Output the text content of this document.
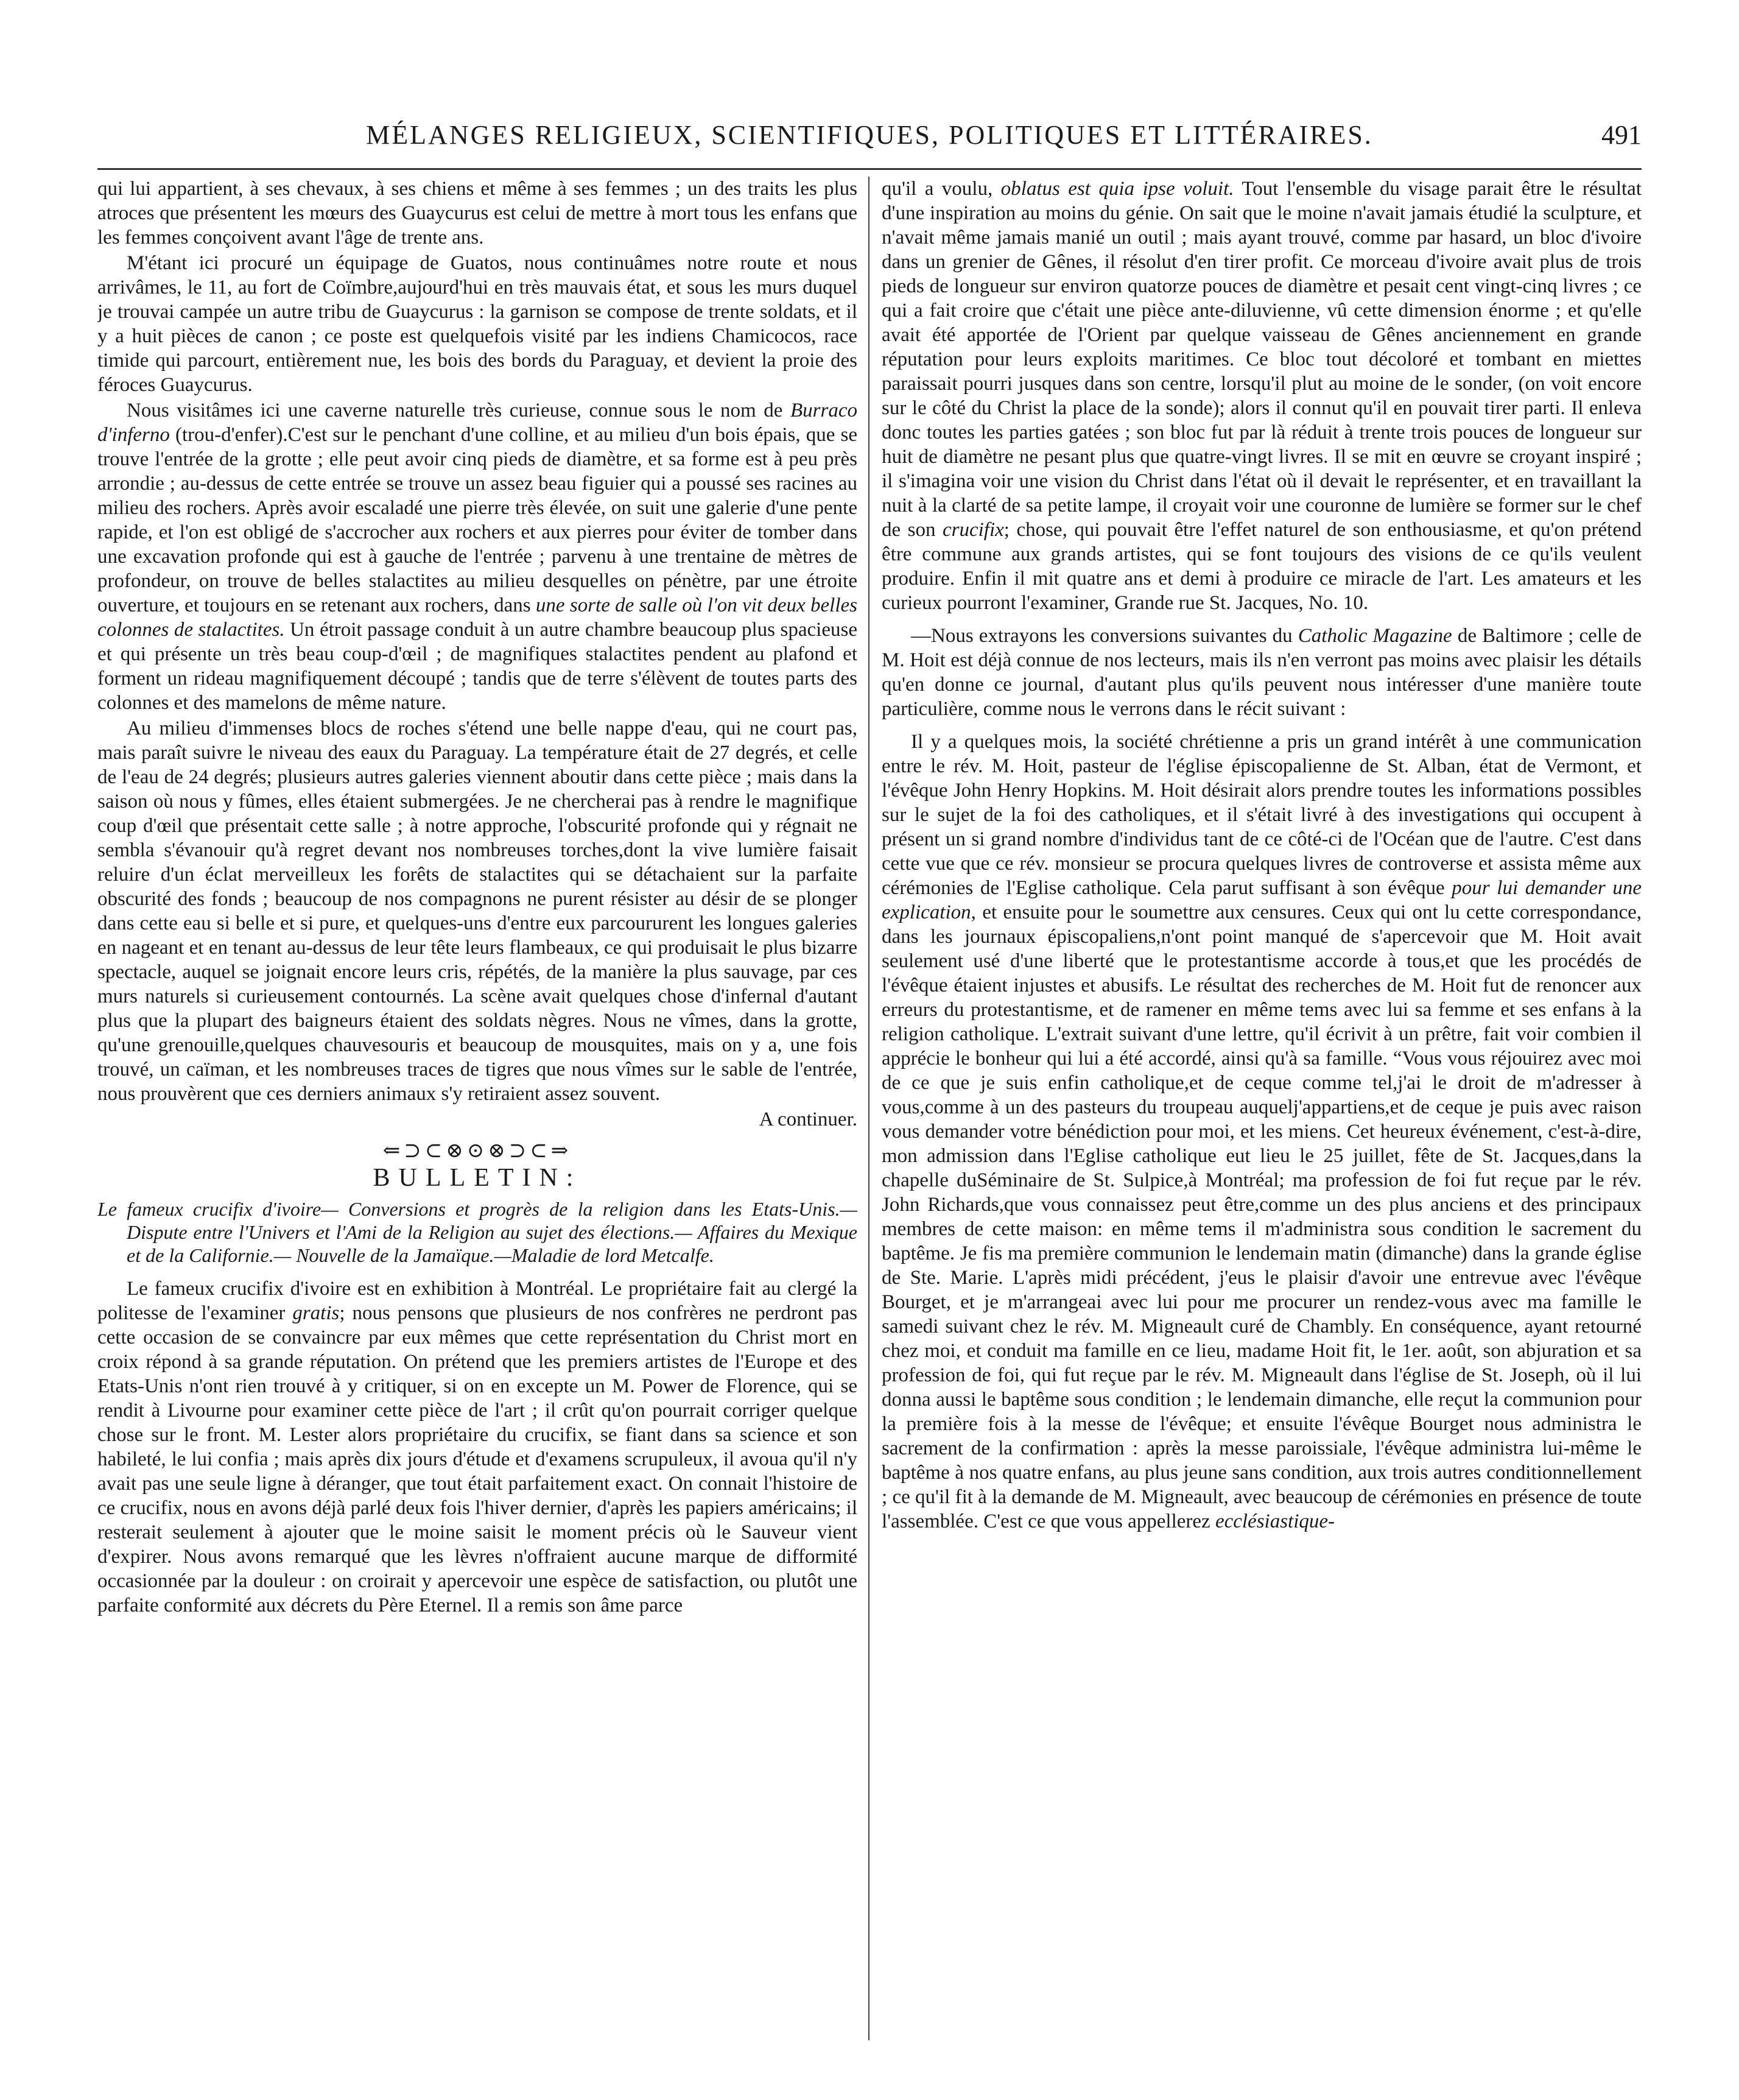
MÉLANGES RELIGIEUX, SCIENTIFIQUES, POLITIQUES ET LITTÉRAIRES.	491

qui lui appartient, à ses chevaux, à ses chiens et même à ses femmes ; un des traits les plus atroces que présentent les mœurs des Guaycurus est celui de mettre à mort tous les enfans que les femmes conçoivent avant l'âge de trente ans.

M'étant ici procuré un équipage de Guatos, nous continuâmes notre route et nous arrivâmes, le 11, au fort de Coïmbre,aujourd'hui en très mauvais état, et sous les murs duquel je trouvai campée un autre tribu de Guaycurus : la garnison se compose de trente soldats, et il y a huit pièces de canon ; ce poste est quelquefois visité par les indiens Chamicocos, race timide qui parcourt, entièrement nue, les bois des bords du Paraguay, et devient la proie des féroces Guaycurus.

Nous visitâmes ici une caverne naturelle très curieuse, connue sous le nom de Burraco d'inferno (trou-d'enfer).C'est sur le penchant d'une colline, et au milieu d'un bois épais, que se trouve l'entrée de la grotte ; elle peut avoir cinq pieds de diamètre, et sa forme est à peu près arrondie ; au-dessus de cette entrée se trouve un assez beau figuier qui a poussé ses racines au milieu des rochers. Après avoir escaladé une pierre très élevée, on suit une galerie d'une pente rapide, et l'on est obligé de s'accrocher aux rochers et aux pierres pour éviter de tomber dans une excavation profonde qui est à gauche de l'entrée ; parvenu à une trentaine de mètres de profondeur, on trouve de belles stalactites au milieu desquelles on pénètre, par une étroite ouverture, et toujours en se retenant aux rochers, dans une sorte de salle où l'on vit deux belles colonnes de stalactites. Un étroit passage conduit à un autre chambre beaucoup plus spacieuse et qui présente un très beau coup-d'œil ; de magnifiques stalactites pendent au plafond et forment un rideau magnifiquement découpé ; tandis que de terre s'élèvent de toutes parts des colonnes et des mamelons de même nature.

Au milieu d'immenses blocs de roches s'étend une belle nappe d'eau, qui ne court pas, mais paraît suivre le niveau des eaux du Paraguay. La température était de 27 degrés, et celle de l'eau de 24 degrés; plusieurs autres galeries viennent aboutir dans cette pièce ; mais dans la saison où nous y fûmes, elles étaient submergées. Je ne chercherai pas à rendre le magnifique coup d'œil que présentait cette salle ; à notre approche, l'obscurité profonde qui y régnait ne sembla s'évanouir qu'à regret devant nos nombreuses torches,dont la vive lumière faisait reluire d'un éclat merveilleux les forêts de stalactites qui se détachaient sur la parfaite obscurité des fonds ; beaucoup de nos compagnons ne purent résister au désir de se plonger dans cette eau si belle et si pure, et quelques-uns d'entre eux parcoururent les longues galeries en nageant et en tenant au-dessus de leur tête leurs flambeaux, ce qui produisait le plus bizarre spectacle, auquel se joignait encore leurs cris, répétés, de la manière la plus sauvage, par ces murs naturels si curieusement contournés. La scène avait quelques chose d'infernal d'autant plus que la plupart des baigneurs étaient des soldats nègres. Nous ne vîmes, dans la grotte, qu'une grenouille,quelques chauvesouris et beaucoup de mousquites, mais on y a, une fois trouvé, un caïman, et les nombreuses traces de tigres que nous vîmes sur le sable de l'entrée, nous prouvèrent que ces derniers animaux s'y retiraient assez souvent.

A continuer.

⇐⊃⊂⊗⊙⊗⊃⊂⇒
BULLETIN:
Le fameux crucifix d'ivoire— Conversions et progrès de la religion dans les Etats-Unis.— Dispute entre l'Univers et l'Ami de la Religion au sujet des élections.— Affaires du Mexique et de la Californie.— Nouvelle de la Jamaïque.—Maladie de lord Metcalfe.

Le fameux crucifix d'ivoire est en exhibition à Montréal. Le propriétaire fait au clergé la politesse de l'examiner gratis; nous pensons que plusieurs de nos confrères ne perdront pas cette occasion de se convaincre par eux mêmes que cette représentation du Christ mort en croix répond à sa grande réputation. On prétend que les premiers artistes de l'Europe et des Etats-Unis n'ont rien trouvé à y critiquer, si on en excepte un M. Power de Florence, qui se rendit à Livourne pour examiner cette pièce de l'art ; il crût qu'on pourrait corriger quelque chose sur le front. M. Lester alors propriétaire du crucifix, se fiant dans sa science et son habileté, le lui confia ; mais après dix jours d'étude et d'examens scrupuleux, il avoua qu'il n'y avait pas une seule ligne à déranger, que tout était parfaitement exact. On connait l'histoire de ce crucifix, nous en avons déjà parlé deux fois l'hiver dernier, d'après les papiers américains; il resterait seulement à ajouter que le moine saisit le moment précis où le Sauveur vient d'expirer. Nous avons remarqué que les lèvres n'offraient aucune marque de difformité occasionnée par la douleur : on croirait y apercevoir une espèce de satisfaction, ou plutôt une parfaite conformité aux décrets du Père Eternel. Il a remis son âme parce

qu'il a voulu, oblatus est quia ipse voluit. Tout l'ensemble du visage parait être le résultat d'une inspiration au moins du génie. On sait que le moine n'avait jamais étudié la sculpture, et n'avait même jamais manié un outil ; mais ayant trouvé, comme par hasard, un bloc d'ivoire dans un grenier de Gênes, il résolut d'en tirer profit. Ce morceau d'ivoire avait plus de trois pieds de longueur sur environ quatorze pouces de diamètre et pesait cent vingt-cinq livres ; ce qui a fait croire que c'était une pièce ante-diluvienne, vû cette dimension énorme ; et qu'elle avait été apportée de l'Orient par quelque vaisseau de Gênes anciennement en grande réputation pour leurs exploits maritimes. Ce bloc tout décoloré et tombant en miettes paraissait pourri jusques dans son centre, lorsqu'il plut au moine de le sonder, (on voit encore sur le côté du Christ la place de la sonde); alors il connut qu'il en pouvait tirer parti. Il enleva donc toutes les parties gatées ; son bloc fut par là réduit à trente trois pouces de longueur sur huit de diamètre ne pesant plus que quatre-vingt livres. Il se mit en œuvre se croyant inspiré ; il s'imagina voir une vision du Christ dans l'état où il devait le représenter, et en travaillant la nuit à la clarté de sa petite lampe, il croyait voir une couronne de lumière se former sur le chef de son crucifix; chose, qui pouvait être l'effet naturel de son enthousiasme, et qu'on prétend être commune aux grands artistes, qui se font toujours des visions de ce qu'ils veulent produire. Enfin il mit quatre ans et demi à produire ce miracle de l'art. Les amateurs et les curieux pourront l'examiner, Grande rue St. Jacques, No. 10.

—Nous extrayons les conversions suivantes du Catholic Magazine de Baltimore ; celle de M. Hoit est déjà connue de nos lecteurs, mais ils n'en verront pas moins avec plaisir les détails qu'en donne ce journal, d'autant plus qu'ils peuvent nous intéresser d'une manière toute particulière, comme nous le verrons dans le récit suivant :

Il y a quelques mois, la société chrétienne a pris un grand intérêt à une communication entre le rév. M. Hoit, pasteur de l'église épiscopalienne de St. Alban, état de Vermont, et l'évêque John Henry Hopkins. M. Hoit désirait alors prendre toutes les informations possibles sur le sujet de la foi des catholiques, et il s'était livré à des investigations qui occupent à présent un si grand nombre d'individus tant de ce côté-ci de l'Océan que de l'autre. C'est dans cette vue que ce rév. monsieur se procura quelques livres de controverse et assista même aux cérémonies de l'Eglise catholique. Cela parut suffisant à son évêque pour lui demander une explication, et ensuite pour le soumettre aux censures. Ceux qui ont lu cette correspondance, dans les journaux épiscopaliens,n'ont point manqué de s'apercevoir que M. Hoit avait seulement usé d'une liberté que le protestantisme accorde à tous,et que les procédés de l'évêque étaient injustes et abusifs. Le résultat des recherches de M. Hoit fut de renoncer aux erreurs du protestantisme, et de ramener en même tems avec lui sa femme et ses enfans à la religion catholique. L'extrait suivant d'une lettre, qu'il écrivit à un prêtre, fait voir combien il apprécie le bonheur qui lui a été accordé, ainsi qu'à sa famille. “Vous vous réjouirez avec moi de ce que je suis enfin catholique,et de ceque comme tel,j'ai le droit de m'adresser à vous,comme à un des pasteurs du troupeau auquelj'appartiens,et de ceque je puis avec raison vous demander votre bénédiction pour moi, et les miens. Cet heureux événement, c'est-à-dire, mon admission dans l'Eglise catholique eut lieu le 25 juillet, fête de St. Jacques,dans la chapelle duSéminaire de St. Sulpice,à Montréal; ma profession de foi fut reçue par le rév. John Richards,que vous connaissez peut être,comme un des plus anciens et des principaux membres de cette maison: en même tems il m'administra sous condition le sacrement du baptême. Je fis ma première communion le lendemain matin (dimanche) dans la grande église de Ste. Marie. L'après midi précédent, j'eus le plaisir d'avoir une entrevue avec l'évêque Bourget, et je m'arrangeai avec lui pour me procurer un rendez-vous avec ma famille le samedi suivant chez le rév. M. Migneault curé de Chambly. En conséquence, ayant retourné chez moi, et conduit ma famille en ce lieu, madame Hoit fit, le 1er. août, son abjuration et sa profession de foi, qui fut reçue par le rév. M. Migneault dans l'église de St. Joseph, où il lui donna aussi le baptême sous condition ; le lendemain dimanche, elle reçut la communion pour la première fois à la messe de l'évêque; et ensuite l'évêque Bourget nous administra le sacrement de la confirmation : après la messe paroissiale, l'évêque administra lui-même le baptême à nos quatre enfans, au plus jeune sans condition, aux trois autres conditionnellement ; ce qu'il fit à la demande de M. Migneault, avec beaucoup de cérémonies en présence de toute l'assemblée. C'est ce que vous appellerez ecclésiastique-
